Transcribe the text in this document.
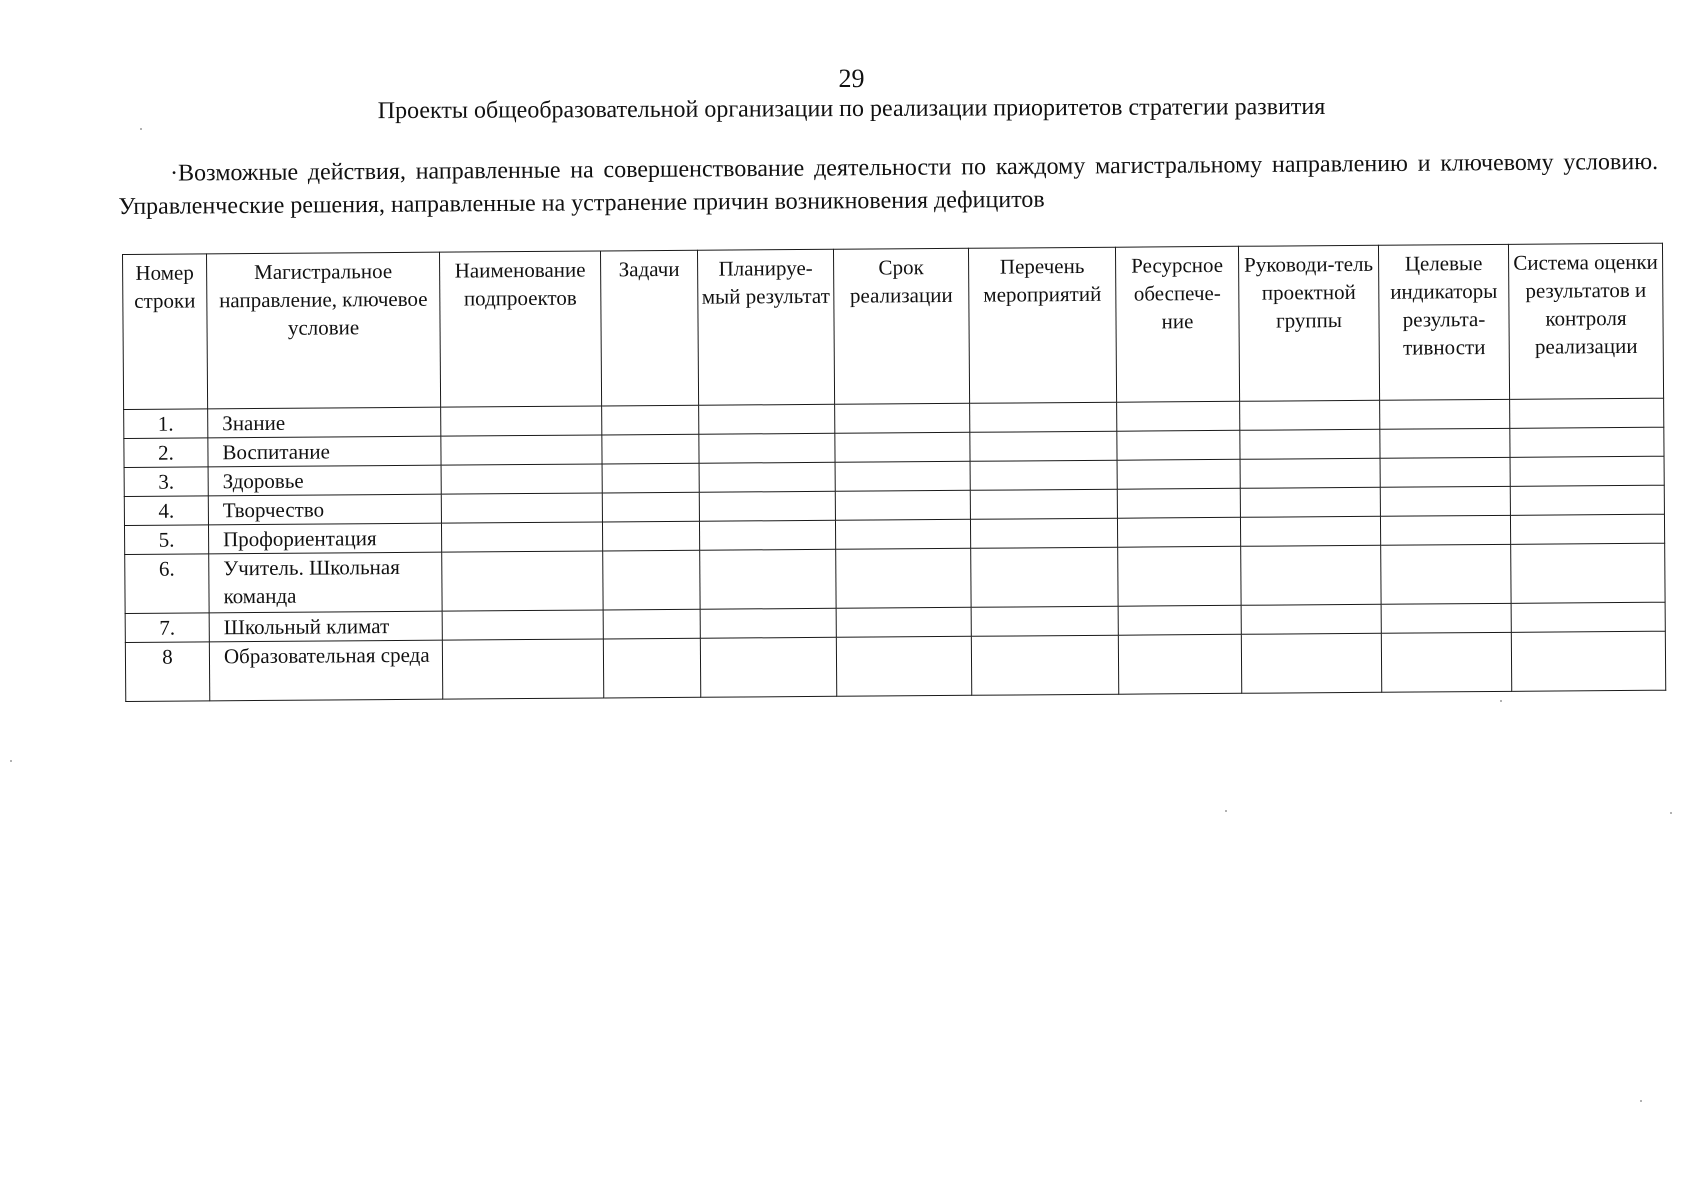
29
Проекты общеобразовательной организации по реализации приоритетов стратегии развития
·Возможные действия, направленные на совершенствование деятельности по каждому магистральному направлению и ключевому условию. Управленческие решения, направленные на устранение причин возникновения дефицитов
Номер строки	Магистральное направление, ключевое условие	Наименование подпроектов	Задачи	Планируе-мый результат	Срок реализации	Перечень мероприятий	Ресурсное обеспече-ние	Руководи-тель проектной группы	Целевые индикаторы результа-тивности	Система оценки результатов и контроля реализации
1.	Знание									
2.	Воспитание									
3.	Здоровье									
4.	Творчество									
5.	Профориентация									
6.	Учитель. Школьная команда									
7.	Школьный климат									
8	Образовательная среда									
